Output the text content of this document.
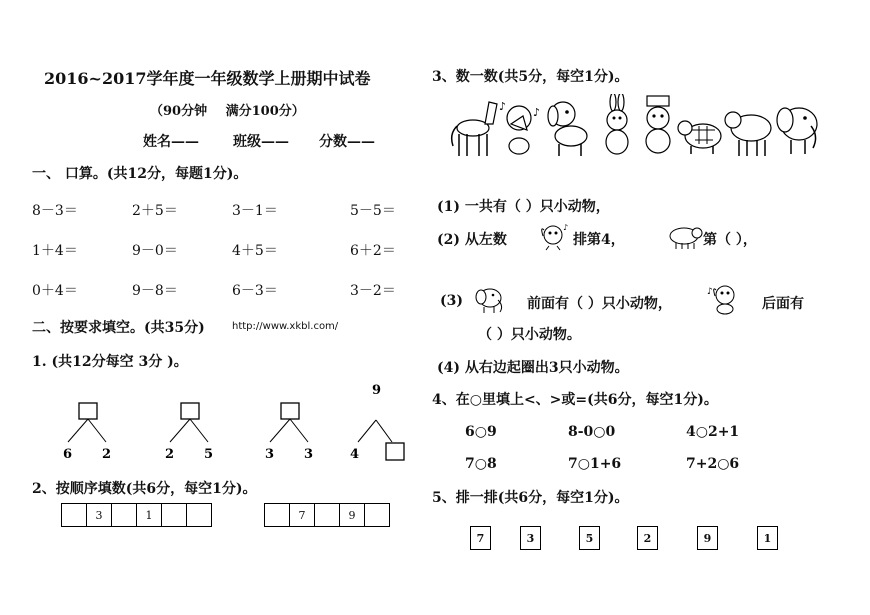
2016~2017学年度一年级数学上册期中试卷
（90分钟 满分100分）
姓名—— 班级—— 分数——
一、 口算。(共12分，每题1分)。
8－3＝	2＋5＝	3－1＝	5－5＝
1＋4＝	9－0＝	4＋5＝	6＋2＝
0＋4＝	9－8＝	6－3＝	3－2＝
二、按要求填空。(共35分)	http://www.xkbl.com/
1. (共12分每空 3分 )。
6 2	2 5	3 3
9
4
2、按顺序填数(共6分，每空1分)。
3	1	7	9
3、数一数(共5分，每空1分)。
♪ ♪
(1) 一共有（ ）只小动物，
(2) 从左数
♪
排第4，	第（ ），
(3)	前面有（ ）只小动物，
♪
后面有
（ ）只小动物。
(4) 从右边起圈出3只小动物。
4、在○里填上<、>或=(共6分，每空1分)。
6○9	8-0○0	4○2+1
7○8	7○1+6	7+2○6
5、排一排(共6分，每空1分)。
7	3	5	2	9	1
